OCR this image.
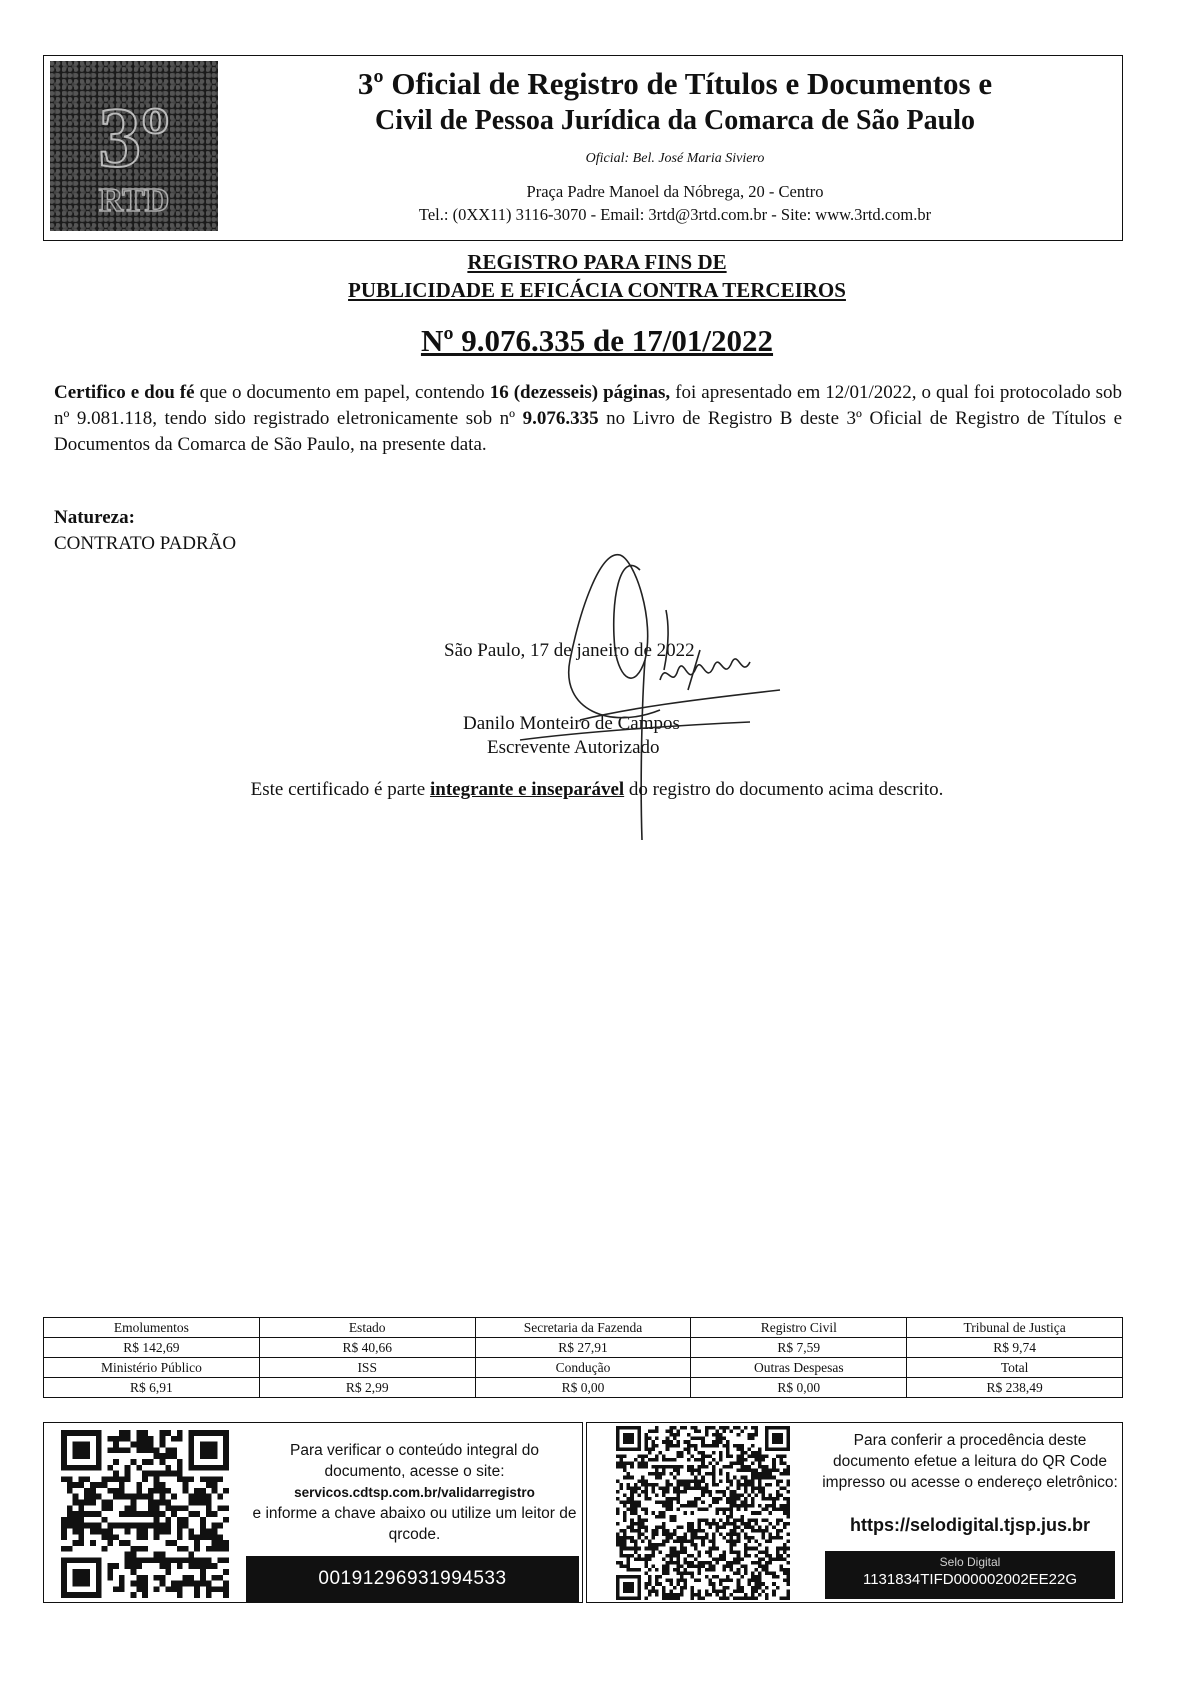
3º
RTD
3º Oficial de Registro de Títulos e Documentos e
Civil de Pessoa Jurídica da Comarca de São Paulo
Oficial: Bel. José Maria Siviero
Praça Padre Manoel da Nóbrega, 20 - Centro
Tel.: (0XX11) 3116-3070 - Email: 3rtd@3rtd.com.br - Site: www.3rtd.com.br
REGISTRO PARA FINS DE
PUBLICIDADE E EFICÁCIA CONTRA TERCEIROS
Nº 9.076.335 de 17/01/2022
Certifico e dou fé que o documento em papel, contendo 16 (dezesseis) páginas, foi apresentado em 12/01/2022, o qual foi protocolado sob nº 9.081.118, tendo sido registrado eletronicamente sob nº 9.076.335 no Livro de Registro B deste 3º Oficial de Registro de Títulos e Documentos da Comarca de São Paulo, na presente data.
Natureza:
CONTRATO PADRÃO
São Paulo, 17 de janeiro de 2022
Danilo Monteiro de Campos
Escrevente Autorizado
Este certificado é parte integrante e inseparável do registro do documento acima descrito.
Emolumentos	Estado	Secretaria da Fazenda	Registro Civil	Tribunal de Justiça
R$ 142,69	R$ 40,66	R$ 27,91	R$ 7,59	R$ 9,74
Ministério Público	ISS	Condução	Outras Despesas	Total
R$ 6,91	R$ 2,99	R$ 0,00	R$ 0,00	R$ 238,49
Para verificar o conteúdo integral do documento, acesse o site:
servicos.cdtsp.com.br/validarregistro
e informe a chave abaixo ou utilize um leitor de qrcode.
00191296931994533
Para conferir a procedência deste documento efetue a leitura do QR Code impresso ou acesse o endereço eletrônico:
https://selodigital.tjsp.jus.br
Selo Digital
1131834TIFD000002002EE22G
